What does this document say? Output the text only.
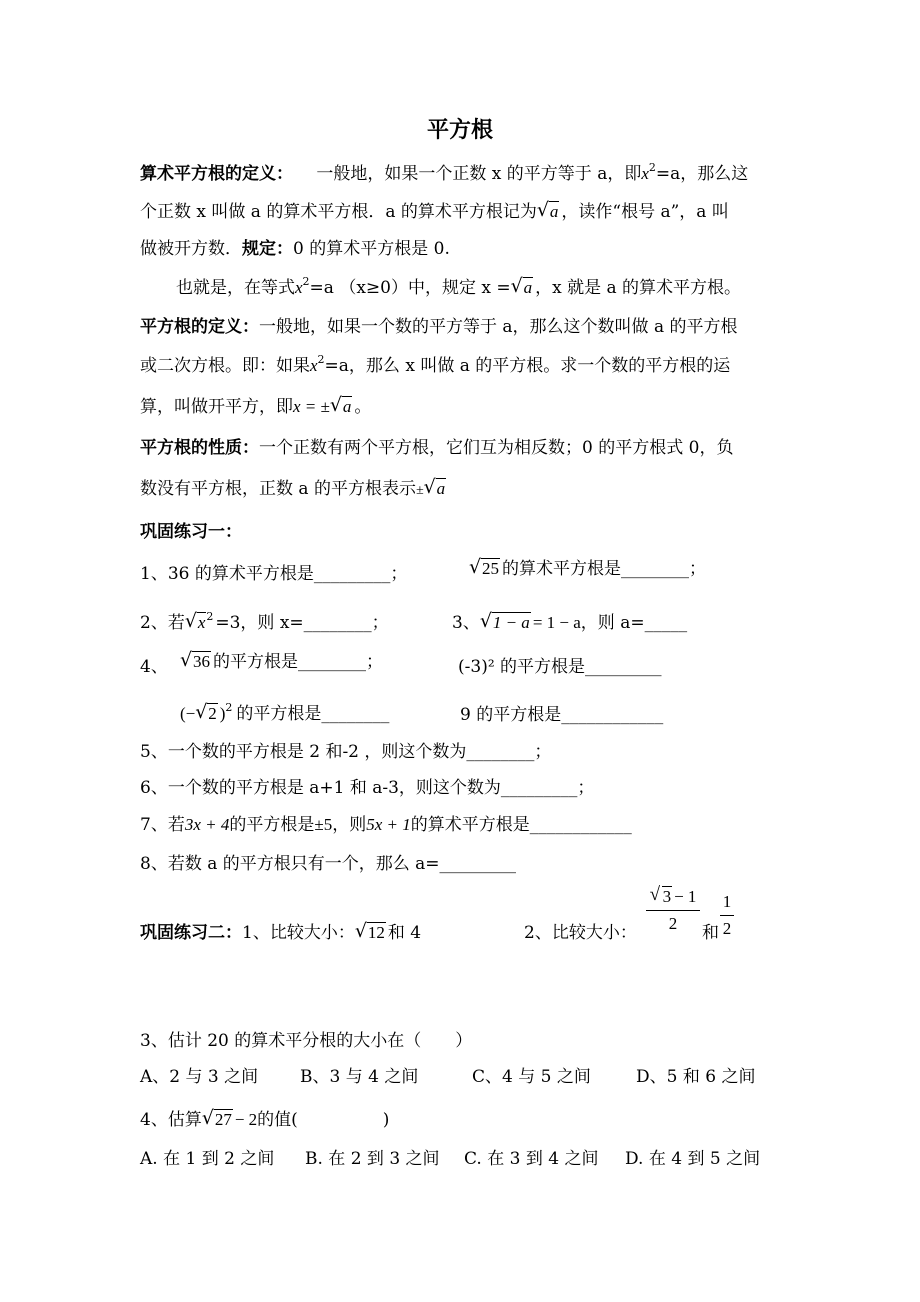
平方根
算术平方根的定义： 一般地，如果一个正数 x 的平方等于 a，即$x^2=a$，那么这
个正数 x 叫做 a 的算术平方根．a 的算术平方根记为 √ a ，读作“根号 a”，a 叫
做被开方数．规定：0 的算术平方根是 0.
也就是，在等式$x^2=a$ （x≥0）中，规定 x = √ a ，x 就是 a 的算术平方根。
平方根的定义：一般地，如果一个数的平方等于 a，那么这个数叫做 a 的平方根
或二次方根。即：如果$x^2=a$，那么 x 叫做 a 的平方根。求一个数的平方根的运
算，叫做开平方，即x = ± √ a 。
平方根的性质：一个正数有两个平方根，它们互为相反数；0 的平方根式 0，负
数没有平方根，正数 a 的平方根表示± √ a
巩固练习一：
1、36 的算术平方根是_________；	√ 25 的算术平方根是________；
2、若 √ $x^2 =3$，则 x=________；	3、 √ 1 − a = 1 − a，则 a=_____
4、 √ 36 的平方根是________；	(-3)² 的平方根是_________
(− √ 2 )$^2$ 的平方根是________	9 的平方根是____________
5、一个数的平方根是 2 和-2 ，则这个数为________；
6、一个数的平方根是 a+1 和 a-3，则这个数为_________；
7、若3x + 4的平方根是±5，则5x + 1的算术平方根是____________
8、若数 a 的平方根只有一个，那么 a=_________
巩固练习二：1、比较大小： √ 12 和 4	2、比较大小：
√ 3 − 1
2	和
1
2
3、估计 20 的算术平分根的大小在（　　）
A、2 与 3 之间 B、3 与 4 之间	C、4 与 5 之间	D、5 和 6 之间
4、估算 √ 27 − 2的值(　　　　　)
A. 在 1 到 2 之间 B. 在 2 到 3 之间 C. 在 3 到 4 之间 D. 在 4 到 5 之间
